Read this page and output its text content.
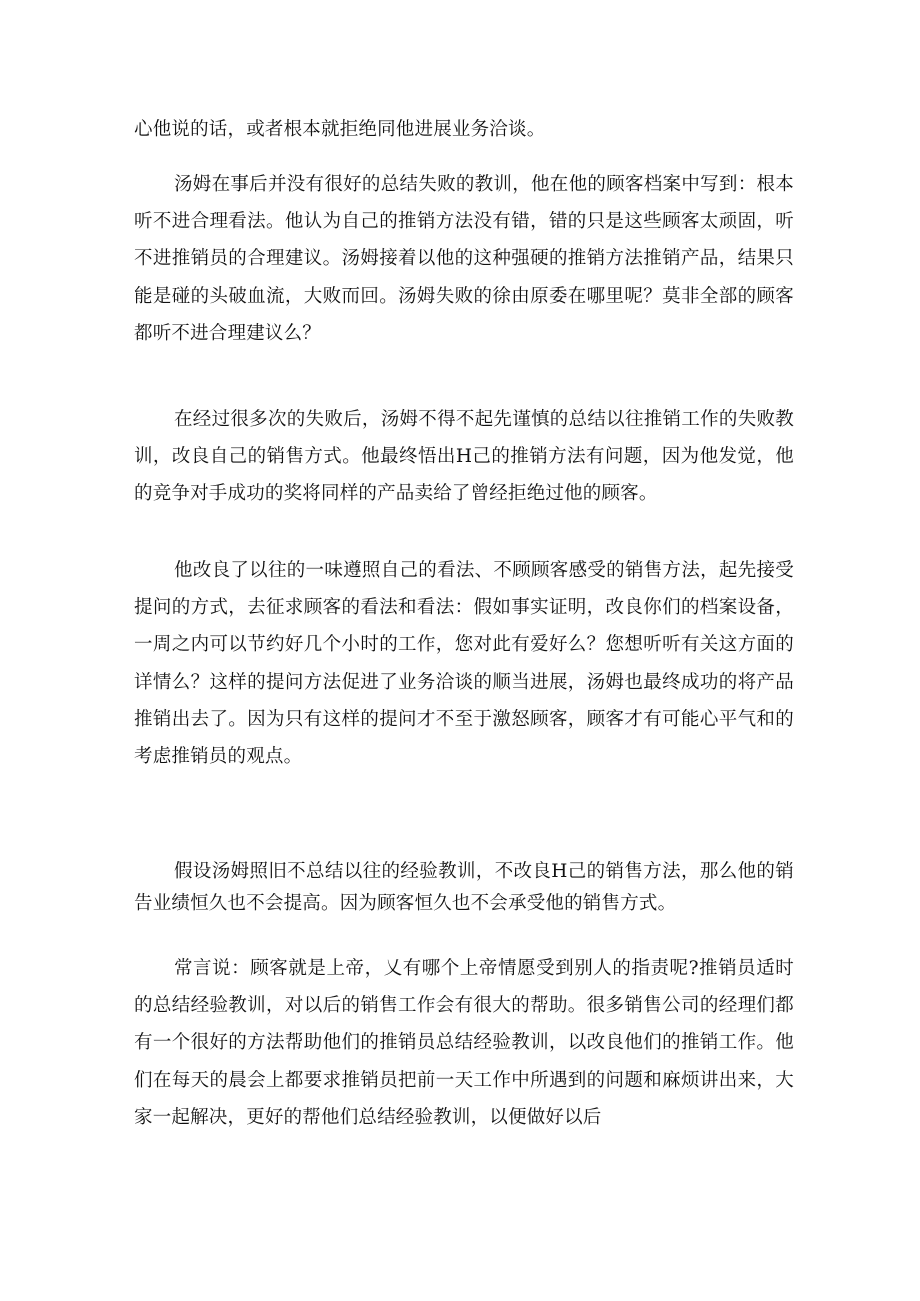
心他说的话，或者根本就拒绝同他进展业务洽谈。

汤姆在事后并没有很好的总结失败的教训，他在他的顾客档案中写到：根本听不进合理看法。他认为自己的推销方法没有错，错的只是这些顾客太顽固，听不进推销员的合理建议。汤姆接着以他的这种强硬的推销方法推销产品，结果只能是碰的头破血流，大败而回。汤姆失败的徐由原委在哪里呢？莫非全部的顾客都听不进合理建议么？

在经过很多次的失败后，汤姆不得不起先谨慎的总结以往推销工作的失败教训，改良自己的销售方式。他最终悟出H己的推销方法有问题，因为他发觉，他的竞争对手成功的奖将同样的产品卖给了曾经拒绝过他的顾客。

他改良了以往的一味遵照自己的看法、不顾顾客感受的销售方法，起先接受提问的方式，去征求顾客的看法和看法：假如事实证明，改良你们的档案设备，一周之内可以节约好几个小时的工作，您对此有爱好么？您想听听有关这方面的详情么？这样的提问方法促进了业务洽谈的顺当进展，汤姆也最终成功的将产品推销出去了。因为只有这样的提问才不至于激怒顾客，顾客才有可能心平气和的考虑推销员的观点。

假设汤姆照旧不总结以往的经验教训，不改良H己的销售方法，那么他的销告业绩恒久也不会提高。因为顾客恒久也不会承受他的销售方式。

常言说：顾客就是上帝，乂有哪个上帝情愿受到别人的指责呢?推销员适时的总结经验教训，对以后的销售工作会有很大的帮助。很多销售公司的经理们都有一个很好的方法帮助他们的推销员总结经验教训，以改良他们的推销工作。他们在每天的晨会上都要求推销员把前一天工作中所遇到的问题和麻烦讲出来，大家一起解决，更好的帮他们总结经验教训，以便做好以后
